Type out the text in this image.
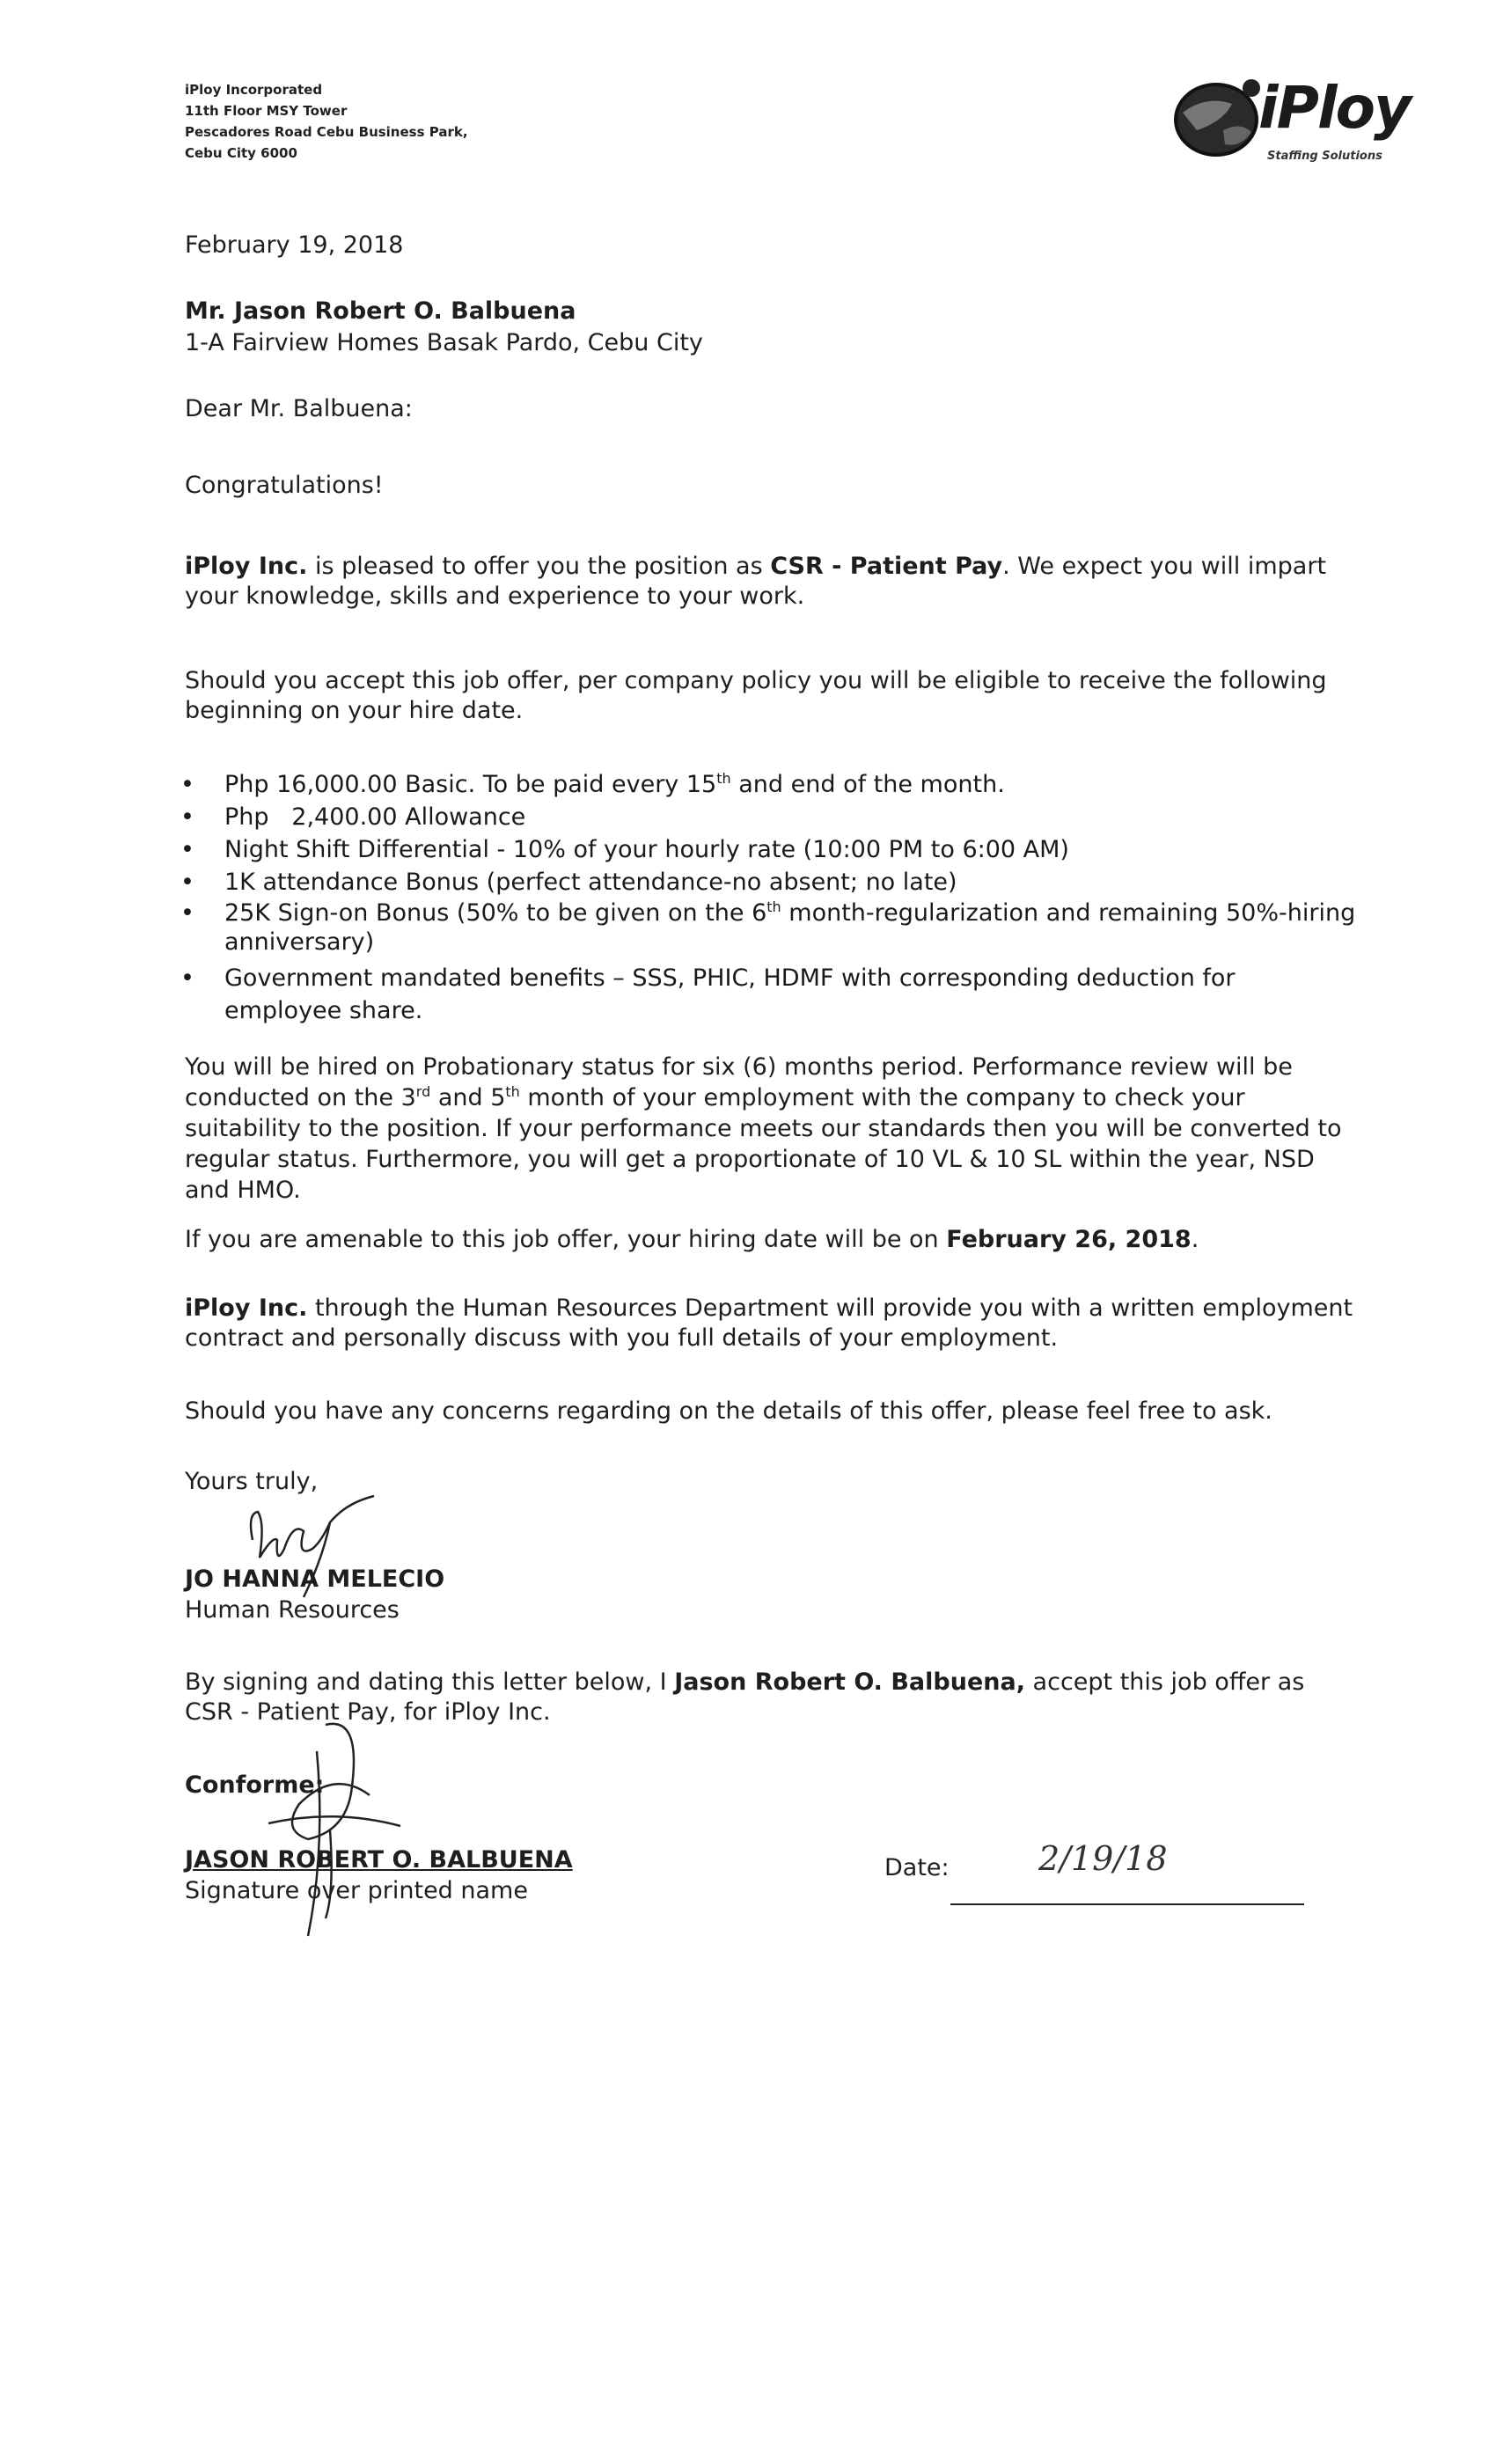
iPloy Incorporated
11th Floor MSY Tower
Pescadores Road Cebu Business Park,
Cebu City 6000
iPloy
Staffing Solutions
February 19, 2018
Mr. Jason Robert O. Balbuena
1-A Fairview Homes Basak Pardo, Cebu City
Dear Mr. Balbuena:
Congratulations!
iPloy Inc. is pleased to offer you the position as CSR - Patient Pay. We expect you will impart your knowledge, skills and experience to your work.
Should you accept this job offer, per company policy you will be eligible to receive the following beginning on your hire date.
• Php 16,000.00 Basic. To be paid every 15th and end of the month.
• Php   2,400.00 Allowance
• Night Shift Differential - 10% of your hourly rate (10:00 PM to 6:00 AM)
• 1K attendance Bonus (perfect attendance-no absent; no late)
• 25K Sign-on Bonus (50% to be given on the 6th month-regularization and remaining 50%-hiring anniversary)
• Government mandated benefits – SSS, PHIC, HDMF with corresponding deduction for employee share.
You will be hired on Probationary status for six (6) months period. Performance review will be conducted on the 3rd and 5th month of your employment with the company to check your suitability to the position. If your performance meets our standards then you will be converted to regular status. Furthermore, you will get a proportionate of 10 VL & 10 SL within the year, NSD and HMO.
If you are amenable to this job offer, your hiring date will be on February 26, 2018.
iPloy Inc. through the Human Resources Department will provide you with a written employment contract and personally discuss with you full details of your employment.
Should you have any concerns regarding on the details of this offer, please feel free to ask.
Yours truly,
JO HANNA MELECIO
Human Resources
By signing and dating this letter below, I Jason Robert O. Balbuena, accept this job offer as CSR - Patient Pay, for iPloy Inc.
Conforme:
JASON ROBERT O. BALBUENA
Signature over printed name
Date:	2/19/18
